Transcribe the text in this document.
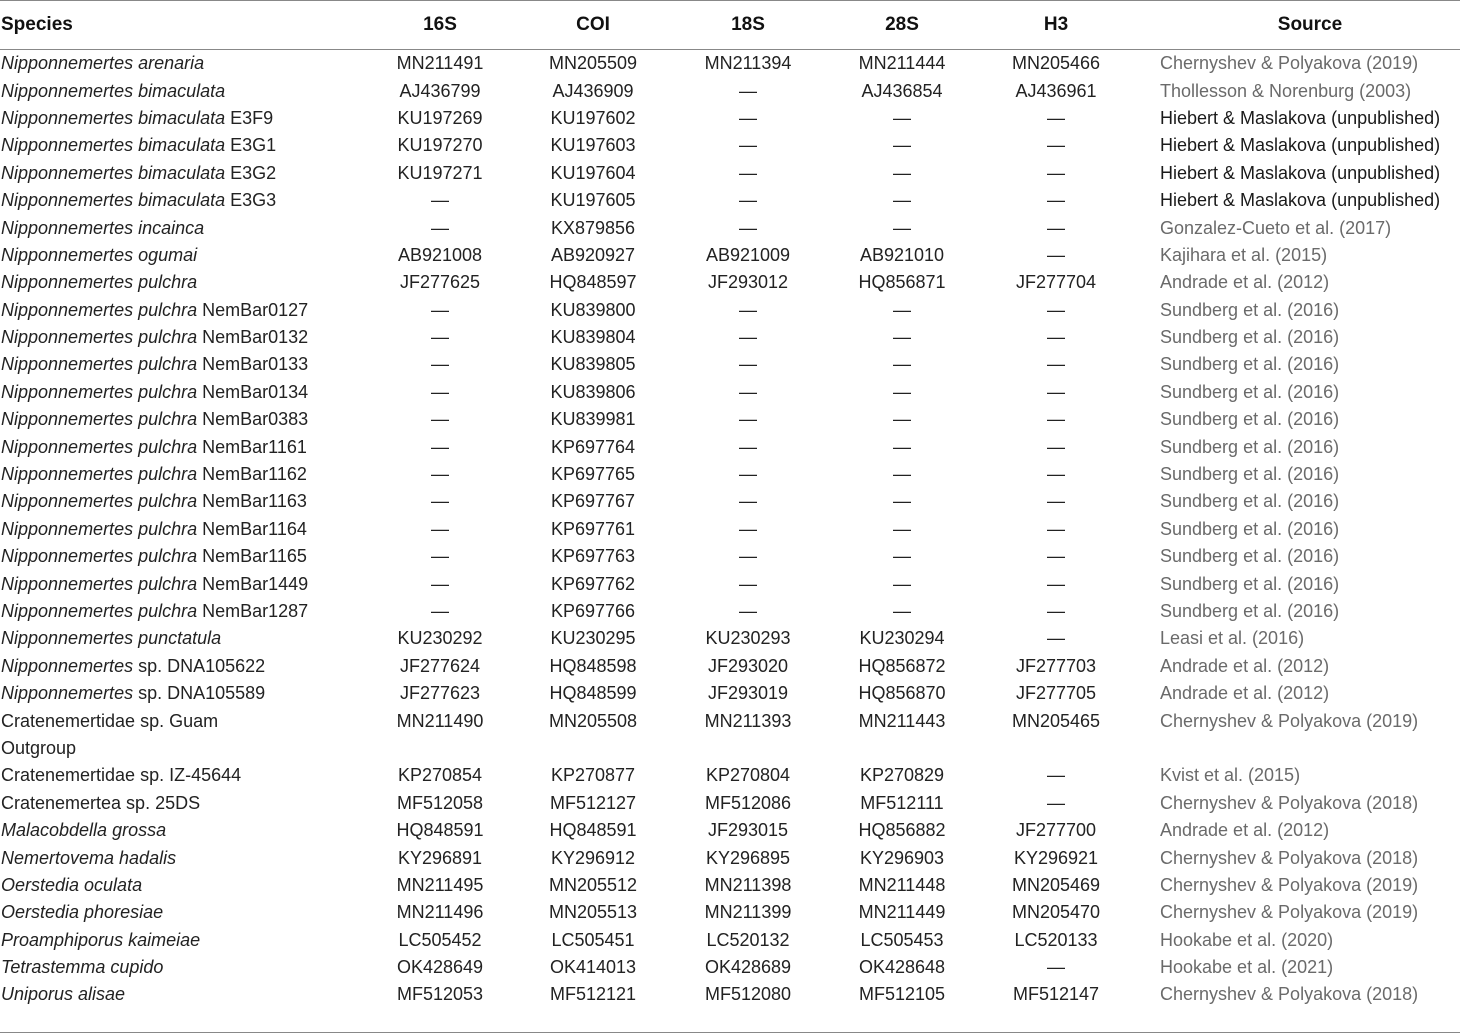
Species	16S	COI	18S	28S	H3	Source
Nipponnemertes arenaria	MN211491	MN205509	MN211394	MN211444	MN205466	Chernyshev & Polyakova (2019)
Nipponnemertes bimaculata	AJ436799	AJ436909	—	AJ436854	AJ436961	Thollesson & Norenburg (2003)
Nipponnemertes bimaculata E3F9	KU197269	KU197602	—	—	—	Hiebert & Maslakova (unpublished)
Nipponnemertes bimaculata E3G1	KU197270	KU197603	—	—	—	Hiebert & Maslakova (unpublished)
Nipponnemertes bimaculata E3G2	KU197271	KU197604	—	—	—	Hiebert & Maslakova (unpublished)
Nipponnemertes bimaculata E3G3	—	KU197605	—	—	—	Hiebert & Maslakova (unpublished)
Nipponnemertes incainca	—	KX879856	—	—	—	Gonzalez-Cueto et al. (2017)
Nipponnemertes ogumai	AB921008	AB920927	AB921009	AB921010	—	Kajihara et al. (2015)
Nipponnemertes pulchra	JF277625	HQ848597	JF293012	HQ856871	JF277704	Andrade et al. (2012)
Nipponnemertes pulchra NemBar0127	—	KU839800	—	—	—	Sundberg et al. (2016)
Nipponnemertes pulchra NemBar0132	—	KU839804	—	—	—	Sundberg et al. (2016)
Nipponnemertes pulchra NemBar0133	—	KU839805	—	—	—	Sundberg et al. (2016)
Nipponnemertes pulchra NemBar0134	—	KU839806	—	—	—	Sundberg et al. (2016)
Nipponnemertes pulchra NemBar0383	—	KU839981	—	—	—	Sundberg et al. (2016)
Nipponnemertes pulchra NemBar1161	—	KP697764	—	—	—	Sundberg et al. (2016)
Nipponnemertes pulchra NemBar1162	—	KP697765	—	—	—	Sundberg et al. (2016)
Nipponnemertes pulchra NemBar1163	—	KP697767	—	—	—	Sundberg et al. (2016)
Nipponnemertes pulchra NemBar1164	—	KP697761	—	—	—	Sundberg et al. (2016)
Nipponnemertes pulchra NemBar1165	—	KP697763	—	—	—	Sundberg et al. (2016)
Nipponnemertes pulchra NemBar1449	—	KP697762	—	—	—	Sundberg et al. (2016)
Nipponnemertes pulchra NemBar1287	—	KP697766	—	—	—	Sundberg et al. (2016)
Nipponnemertes punctatula	KU230292	KU230295	KU230293	KU230294	—	Leasi et al. (2016)
Nipponnemertes sp. DNA105622	JF277624	HQ848598	JF293020	HQ856872	JF277703	Andrade et al. (2012)
Nipponnemertes sp. DNA105589	JF277623	HQ848599	JF293019	HQ856870	JF277705	Andrade et al. (2012)
Cratenemertidae sp. Guam	MN211490	MN205508	MN211393	MN211443	MN205465	Chernyshev & Polyakova (2019)
Outgroup
Cratenemertidae sp. IZ-45644	KP270854	KP270877	KP270804	KP270829	—	Kvist et al. (2015)
Cratenemertea sp. 25DS	MF512058	MF512127	MF512086	MF512111	—	Chernyshev & Polyakova (2018)
Malacobdella grossa	HQ848591	HQ848591	JF293015	HQ856882	JF277700	Andrade et al. (2012)
Nemertovema hadalis	KY296891	KY296912	KY296895	KY296903	KY296921	Chernyshev & Polyakova (2018)
Oerstedia oculata	MN211495	MN205512	MN211398	MN211448	MN205469	Chernyshev & Polyakova (2019)
Oerstedia phoresiae	MN211496	MN205513	MN211399	MN211449	MN205470	Chernyshev & Polyakova (2019)
Proamphiporus kaimeiae	LC505452	LC505451	LC520132	LC505453	LC520133	Hookabe et al. (2020)
Tetrastemma cupido	OK428649	OK414013	OK428689	OK428648	—	Hookabe et al. (2021)
Uniporus alisae	MF512053	MF512121	MF512080	MF512105	MF512147	Chernyshev & Polyakova (2018)
